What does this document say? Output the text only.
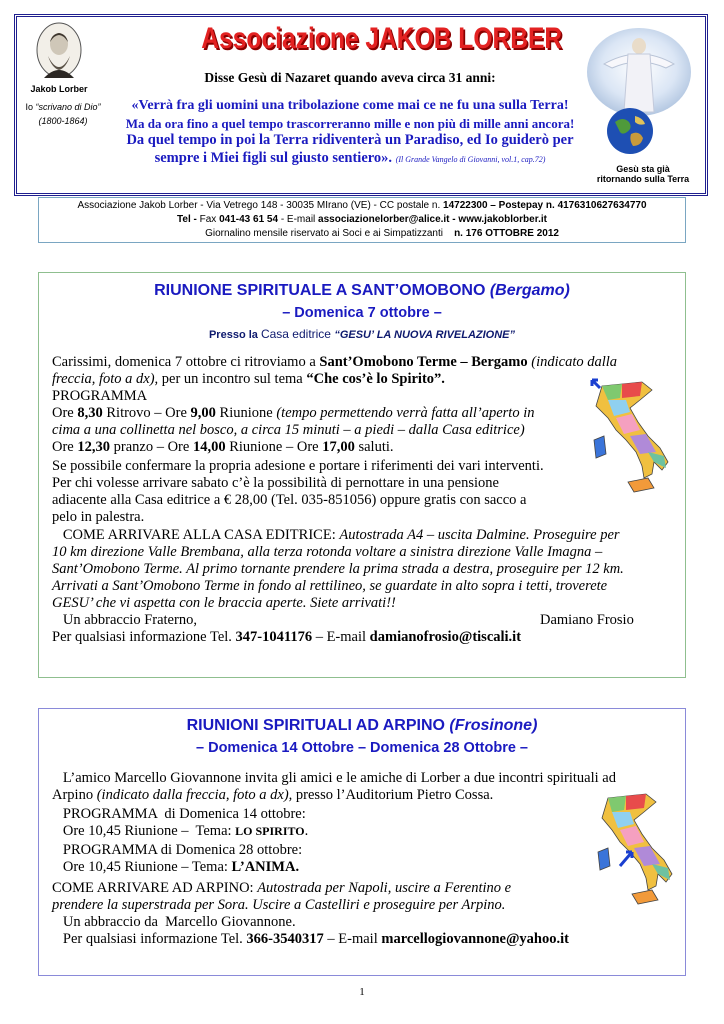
Jakob Lorber
Io “scrivano di Dio”
(1800-1864)
Associazione JAKOB LORBER
Disse Gesù di Nazaret quando aveva circa 31 anni:
«Verrà fra gli uomini una tribolazione come mai ce ne fu una sulla Terra!
Ma da ora fino a quel tempo trascorreranno mille e non più di mille anni ancora!
Da quel tempo in poi la Terra ridiventerà un Paradiso, ed Io guiderò per
sempre i Miei figli sul giusto sentiero». (Il Grande Vangelo di Giovanni, vol.1, cap.72)
Gesù sta già
ritornando sulla Terra
Associazione Jakob Lorber - Via Vetrego 148 - 30035 MIrano (VE) - CC postale n. 14722300 – Postepay n. 4176310627634770
Tel - Fax 041-43 61 54 - E-mail associazionelorber@alice.it - www.jakoblorber.it
Giornalino mensile riservato ai Soci e ai Simpatizzanti n. 176 OTTOBRE 2012
RIUNIONE SPIRITUALE A SANT’OMOBONO (Bergamo)
– Domenica 7 ottobre –
Presso la Casa editrice “GESU’ LA NUOVA RIVELAZIONE”
Carissimi, domenica 7 ottobre ci ritroviamo a Sant’Omobono Terme – Bergamo (indicato dalla
freccia, foto a dx), per un incontro sul tema “Che cos’è lo Spirito”.
PROGRAMMA
Ore 8,30 Ritrovo – Ore 9,00 Riunione (tempo permettendo verrà fatta all’aperto in
cima a una collinetta nel bosco, a circa 15 minuti – a piedi – dalla Casa editrice)
Ore 12,30 pranzo – Ore 14,00 Riunione – Ore 17,00 saluti.
Se possibile confermare la propria adesione e portare i riferimenti dei vari interventi.
Per chi volesse arrivare sabato c’è la possibilità di pernottare in una pensione
adiacente alla Casa editrice a € 28,00 (Tel. 035-851056) oppure gratis con sacco a
pelo in palestra.
COME ARRIVARE ALLA CASA EDITRICE: Autostrada A4 – uscita Dalmine. Proseguire per
10 km direzione Valle Brembana, alla terza rotonda voltare a sinistra direzione Valle Imagna –
Sant’Omobono Terme. Al primo tornante prendere la prima strada a destra, proseguire per 12 km.
Arrivati a Sant’Omobono Terme in fondo al rettilineo, se guardate in alto sopra i tetti, troverete
GESU’ che vi aspetta con le braccia aperte. Siete arrivati!!
Un abbraccio Fraterno,	Damiano Frosio
Per qualsiasi informazione Tel. 347-1041176 – E-mail damianofrosio@tiscali.it
RIUNIONI SPIRITUALI AD ARPINO (Frosinone)
– Domenica 14 Ottobre – Domenica 28 Ottobre –
L’amico Marcello Giovannone invita gli amici e le amiche di Lorber a due incontri spirituali ad
Arpino (indicato dalla freccia, foto a dx), presso l’Auditorium Pietro Cossa.
PROGRAMMA  di Domenica 14 ottobre:
Ore 10,45 Riunione –  Tema: LO SPIRITO.
PROGRAMMA di Domenica 28 ottobre:
Ore 10,45 Riunione – Tema: L’ANIMA.
COME ARRIVARE AD ARPINO: Autostrada per Napoli, uscire a Ferentino e
prendere la superstrada per Sora. Uscire a Castelliri e proseguire per Arpino.
Un abbraccio da  Marcello Giovannone.
Per qualsiasi informazione Tel. 366-3540317 – E-mail marcellogiovannone@yahoo.it
1
